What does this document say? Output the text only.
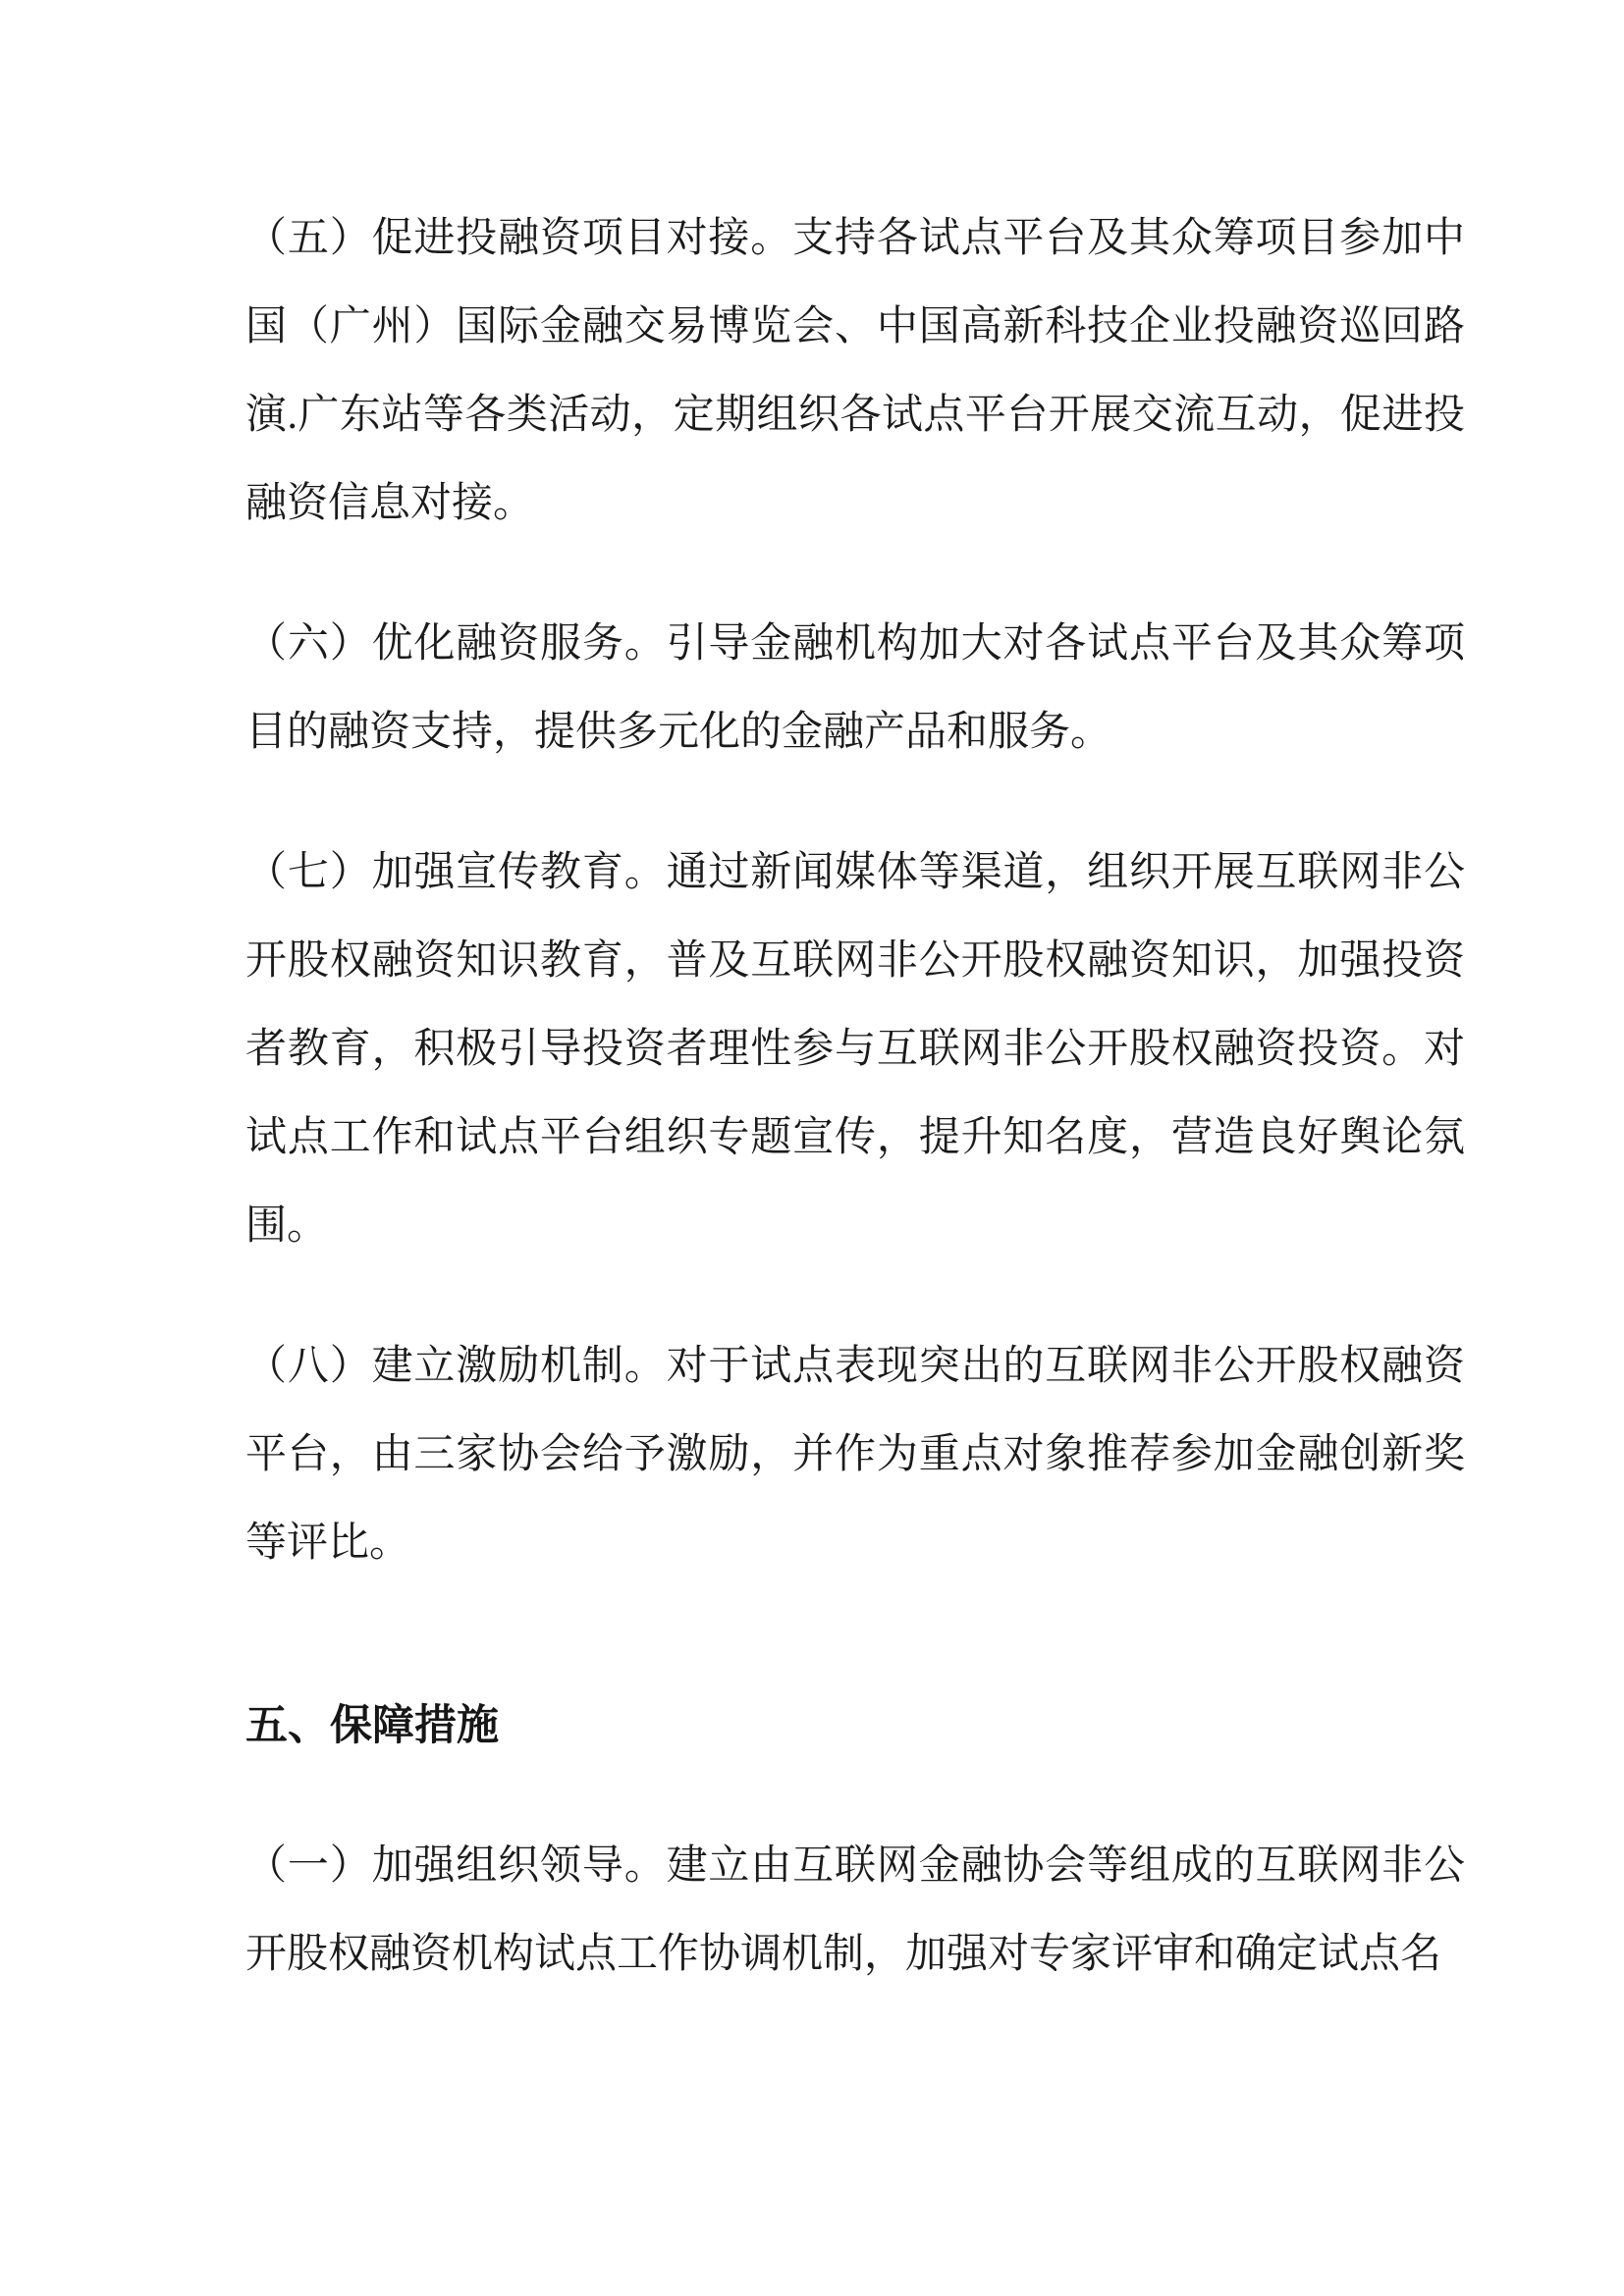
（五）促进投融资项目对接。支持各试点平台及其众筹项目参加中国（广州）国际金融交易博览会、中国高新科技企业投融资巡回路演.广东站等各类活动，定期组织各试点平台开展交流互动，促进投融资信息对接。

（六）优化融资服务。引导金融机构加大对各试点平台及其众筹项目的融资支持，提供多元化的金融产品和服务。

（七）加强宣传教育。通过新闻媒体等渠道，组织开展互联网非公开股权融资知识教育，普及互联网非公开股权融资知识，加强投资者教育，积极引导投资者理性参与互联网非公开股权融资投资。对试点工作和试点平台组织专题宣传，提升知名度，营造良好舆论氛围。

（八）建立激励机制。对于试点表现突出的互联网非公开股权融资平台，由三家协会给予激励，并作为重点对象推荐参加金融创新奖等评比。

五、保障措施

（一）加强组织领导。建立由互联网金融协会等组成的互联网非公开股权融资机构试点工作协调机制，加强对专家评审和确定试点名
